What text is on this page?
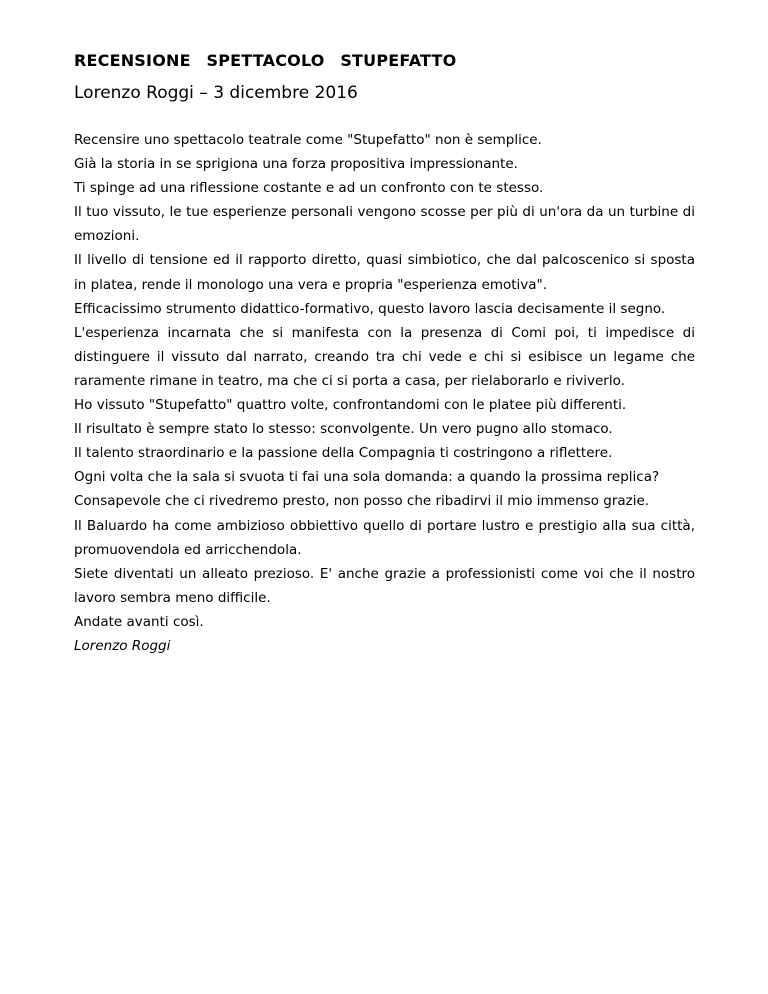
RECENSIONE SPETTACOLO STUPEFATTO

Lorenzo Roggi – 3 dicembre 2016

Recensire uno spettacolo teatrale come "Stupefatto" non è semplice.

Già la storia in se sprigiona una forza propositiva impressionante.

Ti spinge ad una riflessione costante e ad un confronto con te stesso.

Il tuo vissuto, le tue esperienze personali vengono scosse per più di un'ora da un turbine di emozioni.

Il livello di tensione ed il rapporto diretto, quasi simbiotico, che dal palcoscenico si sposta in platea, rende il monologo una vera e propria "esperienza emotiva".

Efficacissimo strumento didattico-formativo, questo lavoro lascia decisamente il segno.

L'esperienza incarnata che si manifesta con la presenza di Comi poi, ti impedisce di distinguere il vissuto dal narrato, creando tra chi vede e chi si esibisce un legame che raramente rimane in teatro, ma che ci si porta a casa, per rielaborarlo e riviverlo.

Ho vissuto "Stupefatto" quattro volte, confrontandomi con le platee più differenti.

Il risultato è sempre stato lo stesso: sconvolgente. Un vero pugno allo stomaco.

Il talento straordinario e la passione della Compagnia ti costringono a riflettere.

Ogni volta che la sala si svuota ti fai una sola domanda: a quando la prossima replica?

Consapevole che ci rivedremo presto, non posso che ribadirvi il mio immenso grazie.

Il Baluardo ha come ambizioso obbiettivo quello di portare lustro e prestigio alla sua città, promuovendola ed arricchendola.

Siete diventati un alleato prezioso. E' anche grazie a professionisti come voi che il nostro lavoro sembra meno difficile.

Andate avanti così.

Lorenzo Roggi
